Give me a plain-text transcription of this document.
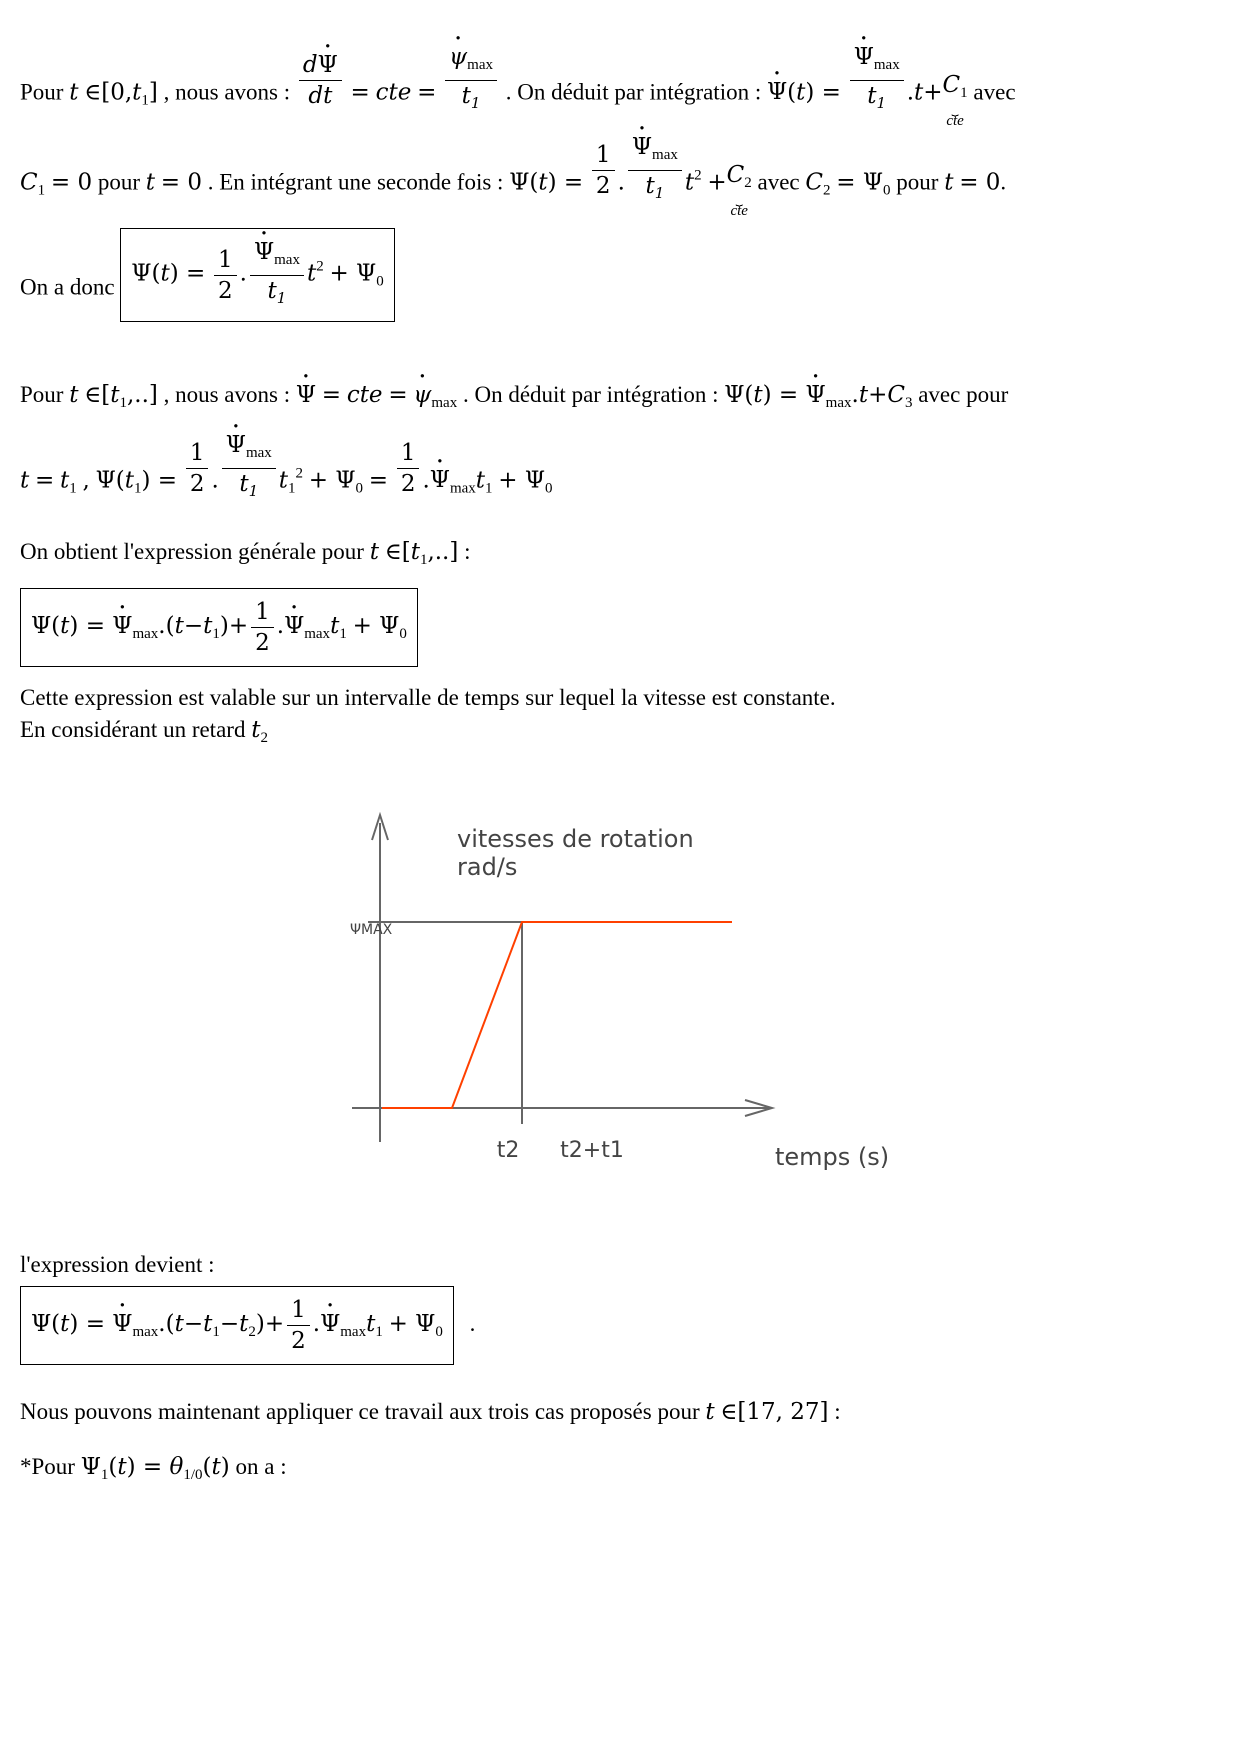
Pour t $\in[0,t_1]$ , nous avons : $\frac{d\cdot \Psi}{dt}$ = cte = · $\frac{\psi_{max}}{t_1}$ . On déduit par intégration : · Ψ(t) = · $\frac{\Psi_{max}}{t_1} .t+C_1$
⏟
cte
avec
$C_1 = 0$ pour t = 0 . En intégrant une seconde fois : $\Psi(t) = \frac{1}{2}$ . · $\frac{\Psi_{max}}{t_1} t^2 +C_2$
⏟
cte
avec $C_2 = \Psi_0$ pour t = 0.
On a donc $\Psi(t) = \frac{1}{2}$ . · $\frac{\Psi_{max}}{t_1} t^2 + \Psi_0$
Pour t $\in[t_1,..]$ , nous avons : · Ψ = cte = · $\psi_{max}$ . On déduit par intégration : Ψ(t) = · $\Psi_{max}.t+C_3$ avec pour
$t = t_1$ , $\Psi(t_1) = \frac{1}{2}$ . · $\frac{\Psi_{max}}{t_1} t_1^2 + \Psi_0 = \frac{1}{2}$ .· $\Psi_{max}t_1 + \Psi_0$
On obtient l'expression générale pour t $\in[t_1,..]$ :
Ψ(t) = · $\Psi_{max}.(t-t_1)+ \frac{1}{2}$ .· $\Psi_{max}t_1 + \Psi_0$
Cette expression est valable sur un intervalle de temps sur lequel la vitesse est constante.
En considérant un retard $t_2$
vitesses de rotation
rad/s
temps (s)
ΨMAX
t2 t2+t1
l'expression devient :
Ψ(t) = · $\Psi_{max}.(t-t_1-t_2)+ \frac{1}{2}$ .· $\Psi_{max}t_1 + \Psi_0$ .
Nous pouvons maintenant appliquer ce travail aux trois cas proposés pour t ∈[17, 27] :
*Pour $\Psi_1(t) = \theta_{1/0}(t)$ on a :
